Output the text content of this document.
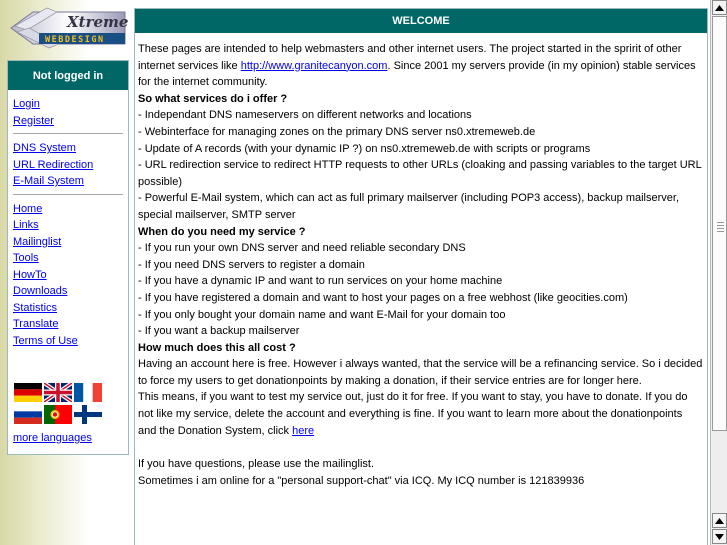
Xtreme
WEBDESIGN
Not logged in
Login
Register
DNS System
URL Redirection
E-Mail System
Home
Links
Mailinglist
Tools
HowTo
Downloads
Statistics
Translate
Terms of Use
more languages
WELCOME

These pages are intended to help webmasters and other internet users. The project started in the spririt of other internet services like http://www.granitecanyon.com. Since 2001 my servers provide (in my opinion) stable services for the internet community.

So what services do i offer ?

- Independant DNS nameservers on different networks and locations

- Webinterface for managing zones on the primary DNS server ns0.xtremeweb.de

- Update of A records (with your dynamic IP ?) on ns0.xtremeweb.de with scripts or programs

- URL redirection service to redirect HTTP requests to other URLs (cloaking and passing variables to the target URL possible)

- Powerful E-Mail system, which can act as full primary mailserver (including POP3 access), backup mailserver, special mailserver, SMTP server

When do you need my service ?

- If you run your own DNS server and need reliable secondary DNS

- If you need DNS servers to register a domain

- If you have a dynamic IP and want to run services on your home machine

- If you have registered a domain and want to host your pages on a free webhost (like geocities.com)

- If you only bought your domain name and want E-Mail for your domain too

- If you want a backup mailserver

How much does this all cost ?

Having an account here is free. However i always wanted, that the service will be a refinancing service. So i decided to force my users to get donationpoints by making a donation, if their service entries are for longer here.

This means, if you want to test my service out, just do it for free. If you want to stay, you have to donate. If you do not like my service, delete the account and everything is fine. If you want to learn more about the donationpoints and the Donation System, click here

If you have questions, please use the mailinglist.

Sometimes i am online for a "personal support-chat" via ICQ. My ICQ number is 121839936
